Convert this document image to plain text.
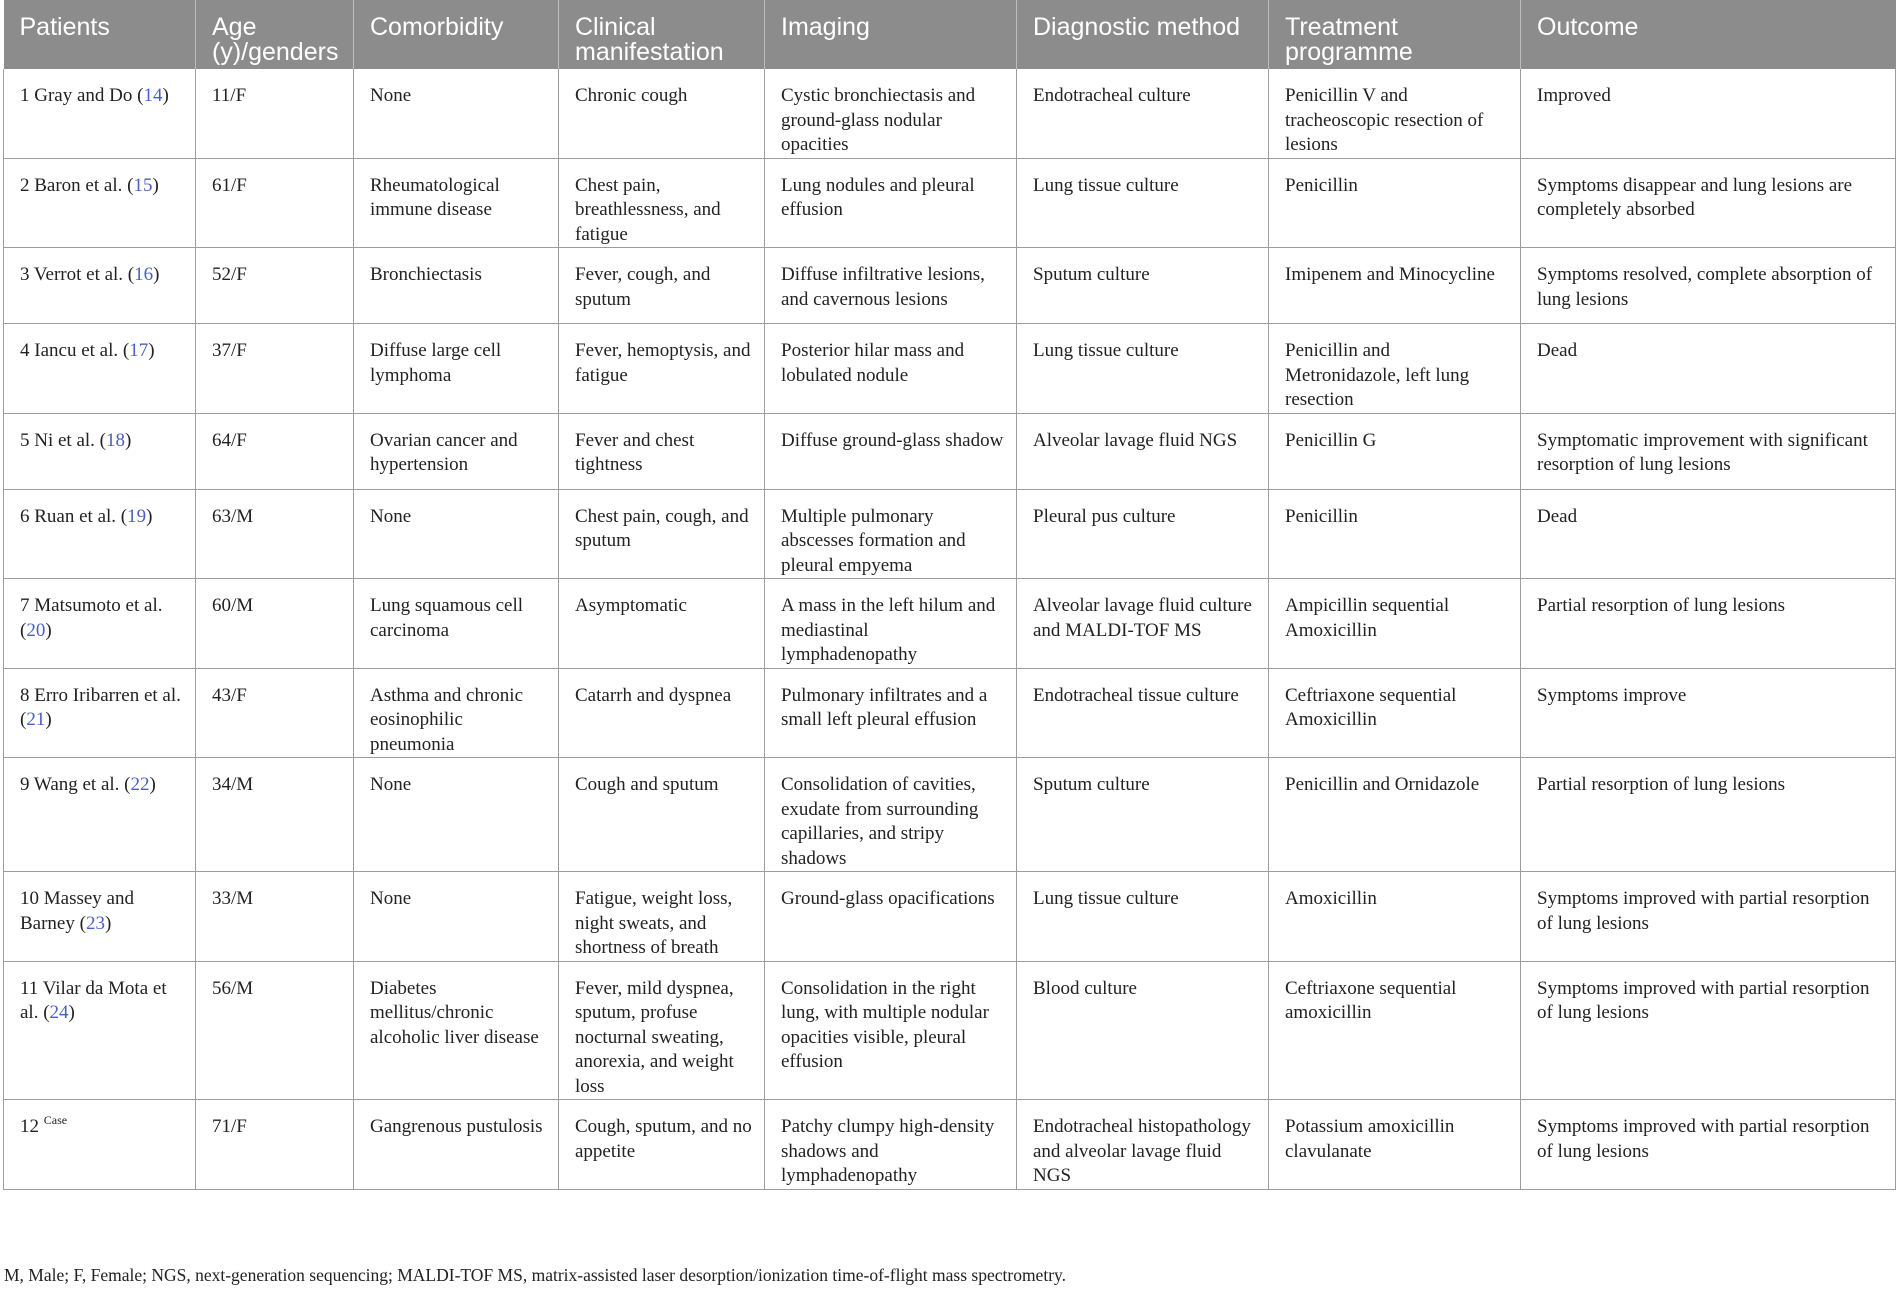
Patients	Age (y)/genders	Comorbidity	Clinical manifestation	Imaging	Diagnostic method	Treatment programme	Outcome
1 Gray and Do (14)	11/F	None	Chronic cough	Cystic bronchiectasis and ground-glass nodular opacities	Endotracheal culture	Penicillin V and tracheoscopic resection of lesions	Improved
2 Baron et al. (15)	61/F	Rheumatological immune disease	Chest pain, breathlessness, and fatigue	Lung nodules and pleural effusion	Lung tissue culture	Penicillin	Symptoms disappear and lung lesions are completely absorbed
3 Verrot et al. (16)	52/F	Bronchiectasis	Fever, cough, and sputum	Diffuse infiltrative lesions, and cavernous lesions	Sputum culture	Imipenem and Minocycline	Symptoms resolved, complete absorption of lung lesions
4 Iancu et al. (17)	37/F	Diffuse large cell lymphoma	Fever, hemoptysis, and fatigue	Posterior hilar mass and lobulated nodule	Lung tissue culture	Penicillin and Metronidazole, left lung resection	Dead
5 Ni et al. (18)	64/F	Ovarian cancer and hypertension	Fever and chest tightness	Diffuse ground-glass shadow	Alveolar lavage fluid NGS	Penicillin G	Symptomatic improvement with significant resorption of lung lesions
6 Ruan et al. (19)	63/M	None	Chest pain, cough, and sputum	Multiple pulmonary abscesses formation and pleural empyema	Pleural pus culture	Penicillin	Dead
7 Matsumoto et al. (20)	60/M	Lung squamous cell carcinoma	Asymptomatic	A mass in the left hilum and mediastinal lymphadenopathy	Alveolar lavage fluid culture and MALDI-TOF MS	Ampicillin sequential Amoxicillin	Partial resorption of lung lesions
8 Erro Iribarren et al. (21)	43/F	Asthma and chronic eosinophilic pneumonia	Catarrh and dyspnea	Pulmonary infiltrates and a small left pleural effusion	Endotracheal tissue culture	Ceftriaxone sequential Amoxicillin	Symptoms improve
9 Wang et al. (22)	34/M	None	Cough and sputum	Consolidation of cavities, exudate from surrounding capillaries, and stripy shadows	Sputum culture	Penicillin and Ornidazole	Partial resorption of lung lesions
10 Massey and Barney (23)	33/M	None	Fatigue, weight loss, night sweats, and shortness of breath	Ground-glass opacifications	Lung tissue culture	Amoxicillin	Symptoms improved with partial resorption of lung lesions
11 Vilar da Mota et al. (24)	56/M	Diabetes mellitus/chronic alcoholic liver disease	Fever, mild dyspnea, sputum, profuse nocturnal sweating, anorexia, and weight loss	Consolidation in the right lung, with multiple nodular opacities visible, pleural effusion	Blood culture	Ceftriaxone sequential amoxicillin	Symptoms improved with partial resorption of lung lesions
12 $^{Case}$	71/F	Gangrenous pustulosis	Cough, sputum, and no appetite	Patchy clumpy high-density shadows and lymphadenopathy	Endotracheal histopathology and alveolar lavage fluid NGS	Potassium amoxicillin clavulanate	Symptoms improved with partial resorption of lung lesions
M, Male; F, Female; NGS, next-generation sequencing; MALDI-TOF MS, matrix-assisted laser desorption/ionization time-of-flight mass spectrometry.
